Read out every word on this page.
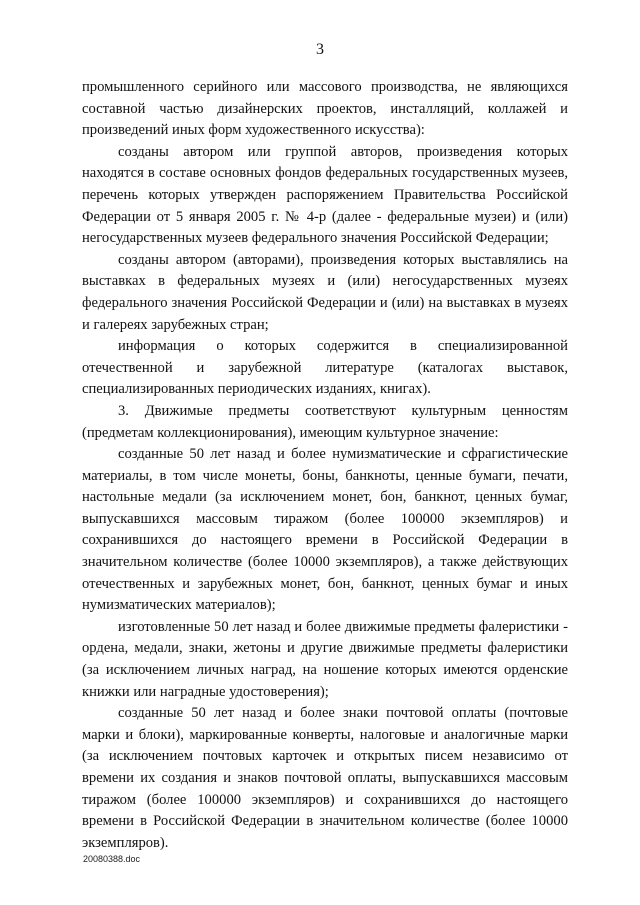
3

промышленного серийного или массового производства, не являющихся составной частью дизайнерских проектов, инсталляций, коллажей и произведений иных форм художественного искусства):

созданы автором или группой авторов, произведения которых находятся в составе основных фондов федеральных государственных музеев, перечень которых утвержден распоряжением Правительства Российской Федерации от 5 января 2005 г. № 4-р (далее - федеральные музеи) и (или) негосударственных музеев федерального значения Российской Федерации;

созданы автором (авторами), произведения которых выставлялись на выставках в федеральных музеях и (или) негосударственных музеях федерального значения Российской Федерации и (или) на выставках в музеях и галереях зарубежных стран;

информация о которых содержится в специализированной отечественной и зарубежной литературе (каталогах выставок, специализированных периодических изданиях, книгах).

3. Движимые предметы соответствуют культурным ценностям (предметам коллекционирования), имеющим культурное значение:

созданные 50 лет назад и более нумизматические и сфрагистические материалы, в том числе монеты, боны, банкноты, ценные бумаги, печати, настольные медали (за исключением монет, бон, банкнот, ценных бумаг, выпускавшихся массовым тиражом (более 100000 экземпляров) и сохранившихся до настоящего времени в Российской Федерации в значительном количестве (более 10000 экземпляров), а также действующих отечественных и зарубежных монет, бон, банкнот, ценных бумаг и иных нумизматических материалов);

изготовленные 50 лет назад и более движимые предметы фалеристики - ордена, медали, знаки, жетоны и другие движимые предметы фалеристики (за исключением личных наград, на ношение которых имеются орденские книжки или наградные удостоверения);

созданные 50 лет назад и более знаки почтовой оплаты (почтовые марки и блоки), маркированные конверты, налоговые и аналогичные марки (за исключением почтовых карточек и открытых писем независимо от времени их создания и знаков почтовой оплаты, выпускавшихся массовым тиражом (более 100000 экземпляров) и сохранившихся до настоящего времени в Российской Федерации в значительном количестве (более 10000 экземпляров).

20080388.doc
